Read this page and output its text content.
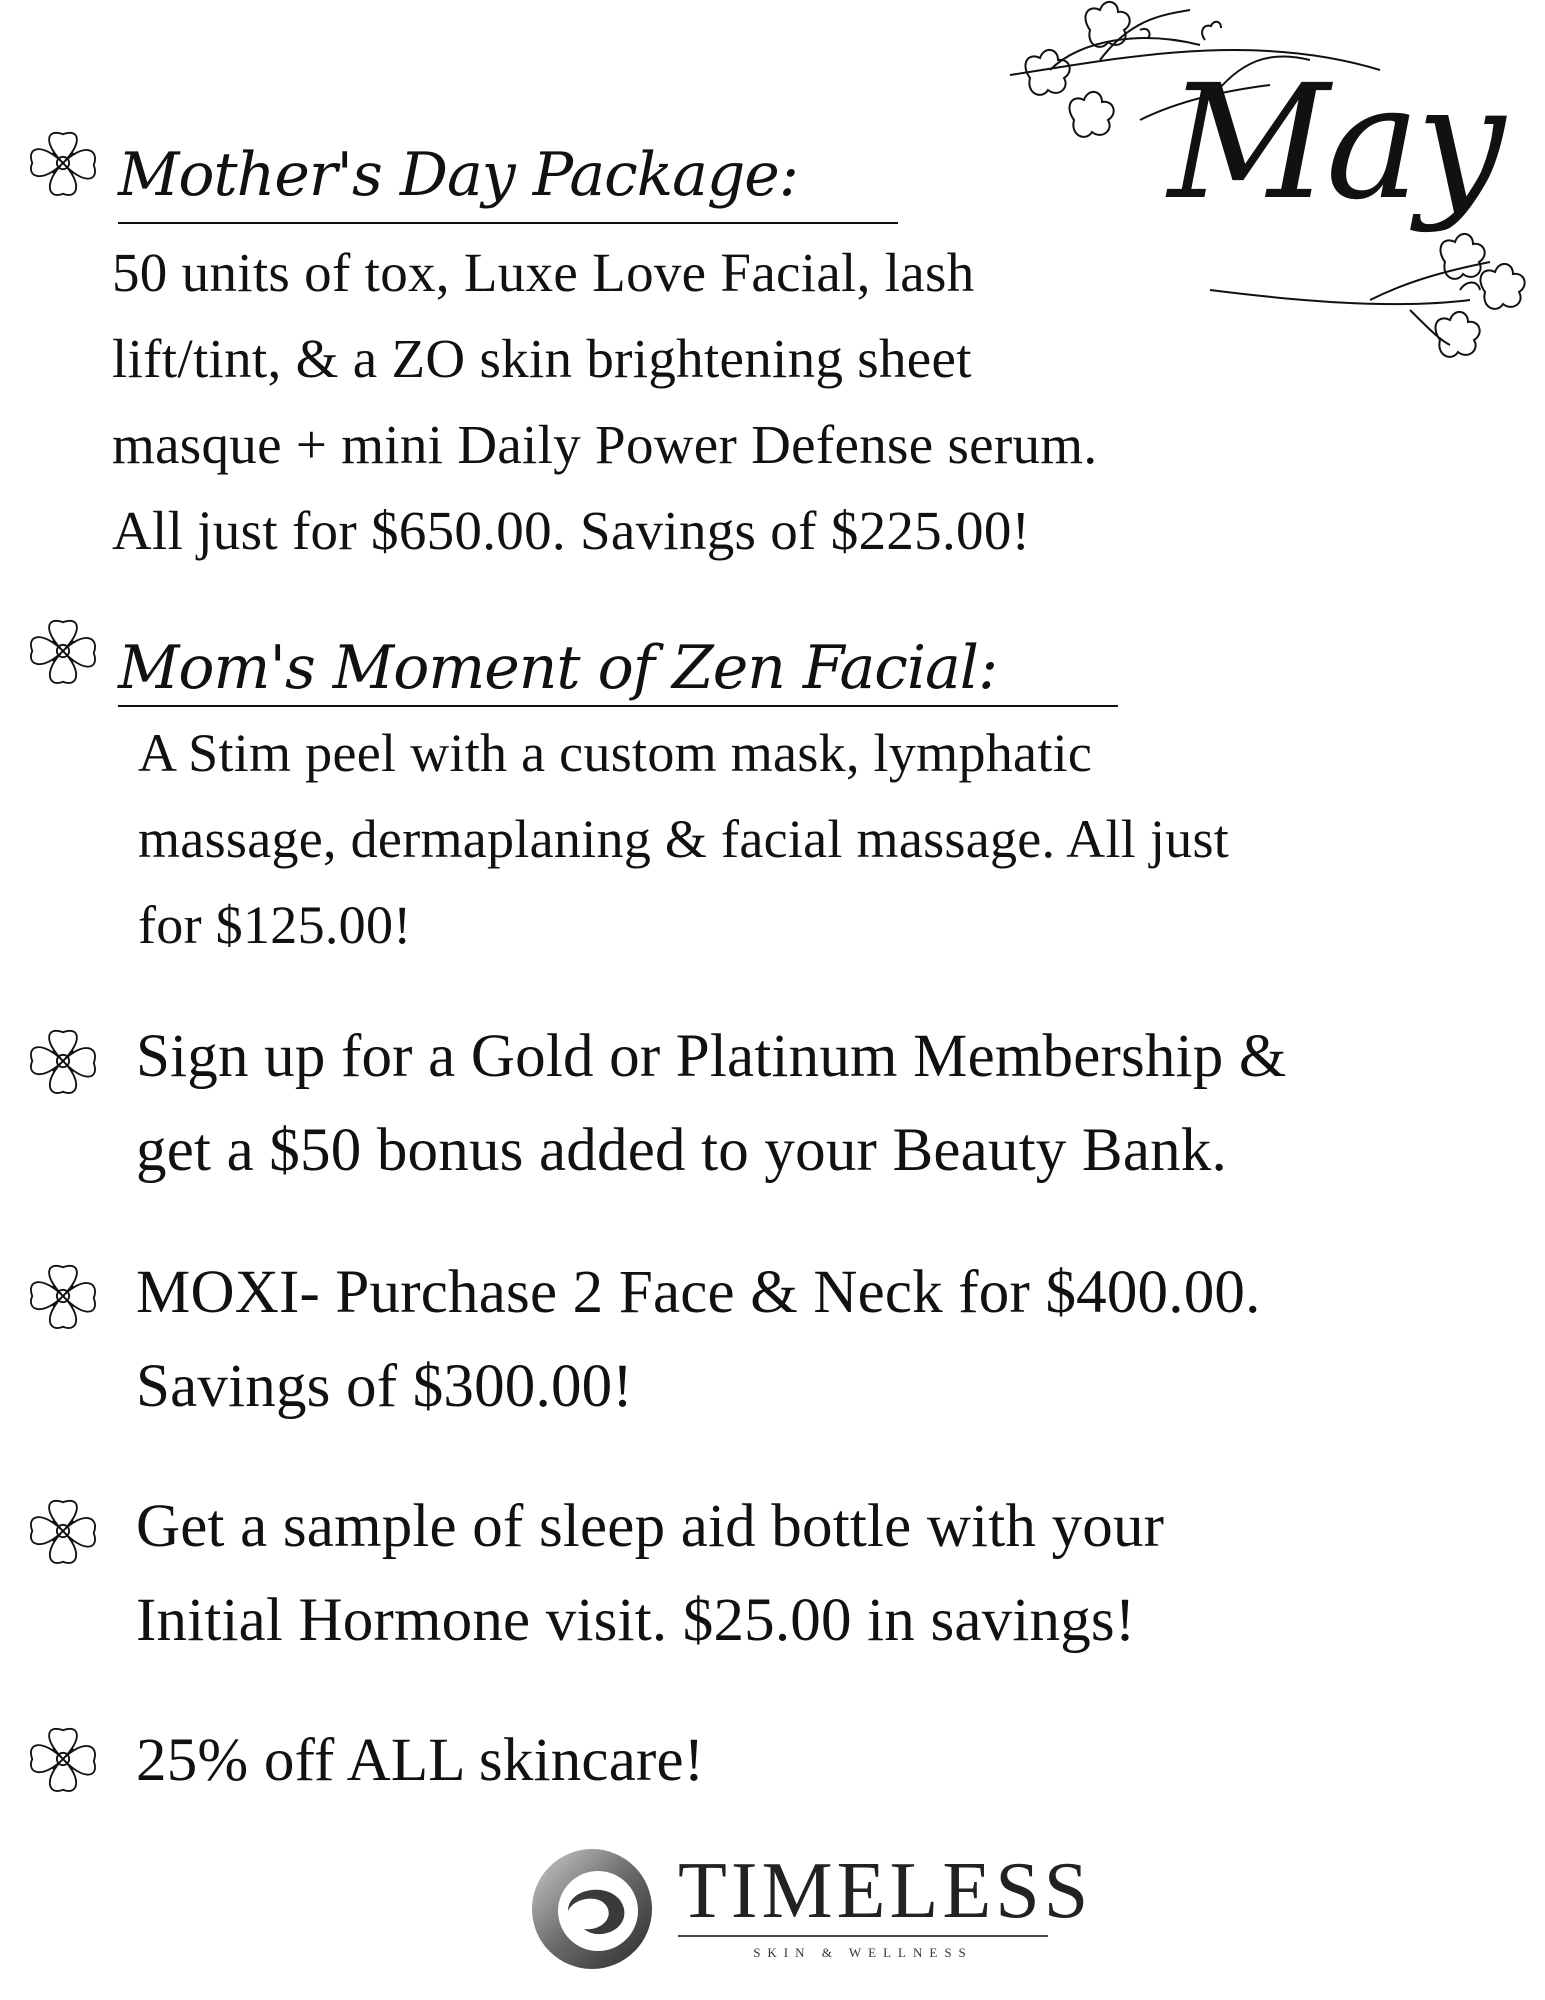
May
Mother's Day Package:
50 units of tox, Luxe Love Facial, lash
lift/tint, & a ZO skin brightening sheet
masque + mini Daily Power Defense serum.
All just for $650.00. Savings of $225.00!
Mom's Moment of Zen Facial:
A Stim peel with a custom mask, lymphatic
massage, dermaplaning & facial massage. All just
for $125.00!
Sign up for a Gold or Platinum Membership &
get a $50 bonus added to your Beauty Bank.
MOXI- Purchase 2 Face & Neck for $400.00.
Savings of $300.00!
Get a sample of sleep aid bottle with your
Initial Hormone visit. $25.00 in savings!
25% off ALL skincare!
TIMELESS
SKIN & WELLNESS
